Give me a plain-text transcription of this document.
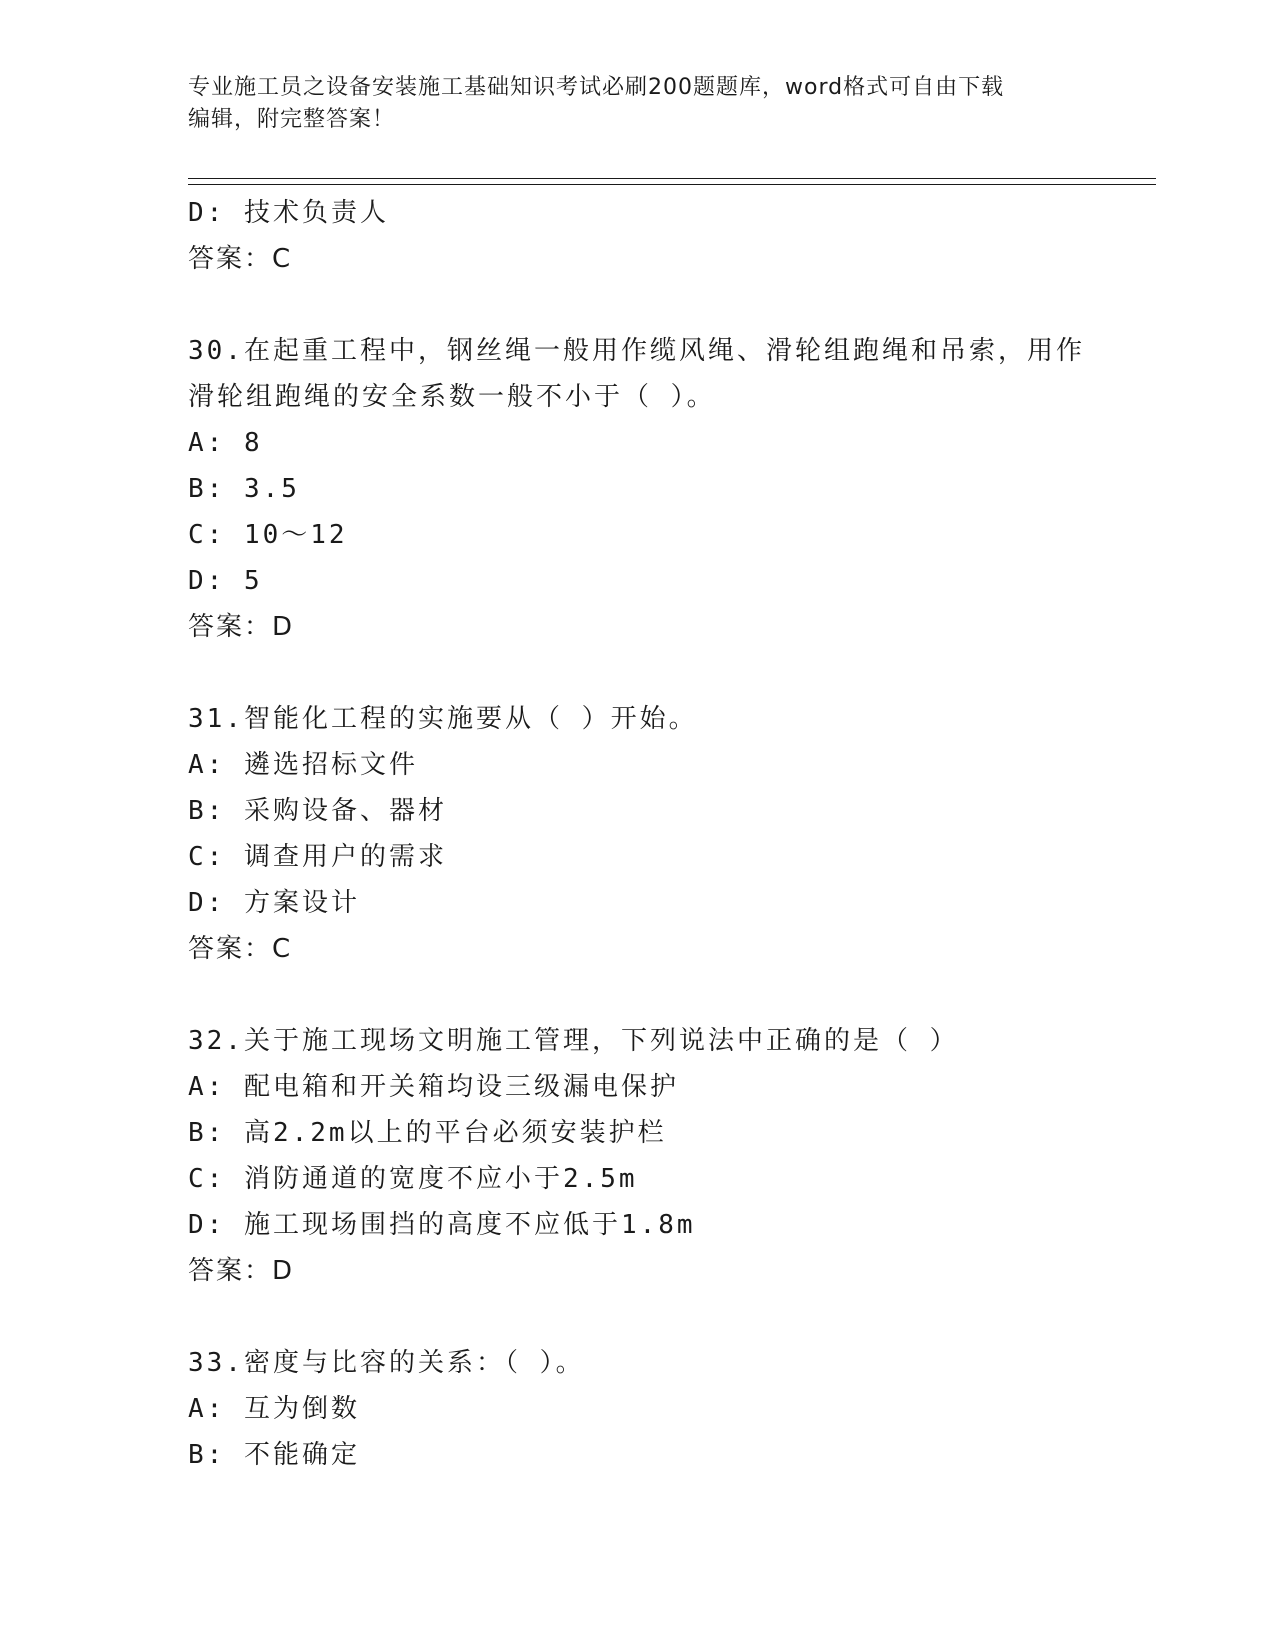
专业施工员之设备安装施工基础知识考试必刷200题题库，word格式可自由下载
编辑，附完整答案！
D: 技术负责人
答案：C
30.在起重工程中，钢丝绳一般用作缆风绳、滑轮组跑绳和吊索，用作
滑轮组跑绳的安全系数一般不小于（ ）。
A: 8
B: 3.5
C: 10～12
D: 5
答案：D
31.智能化工程的实施要从（ ）开始。
A: 遴选招标文件
B: 采购设备、器材
C: 调查用户的需求
D: 方案设计
答案：C
32.关于施工现场文明施工管理，下列说法中正确的是（ ）
A: 配电箱和开关箱均设三级漏电保护
B: 高2.2m以上的平台必须安装护栏
C: 消防通道的宽度不应小于2.5m
D: 施工现场围挡的高度不应低于1.8m
答案：D
33.密度与比容的关系：（ ）。
A: 互为倒数
B: 不能确定
